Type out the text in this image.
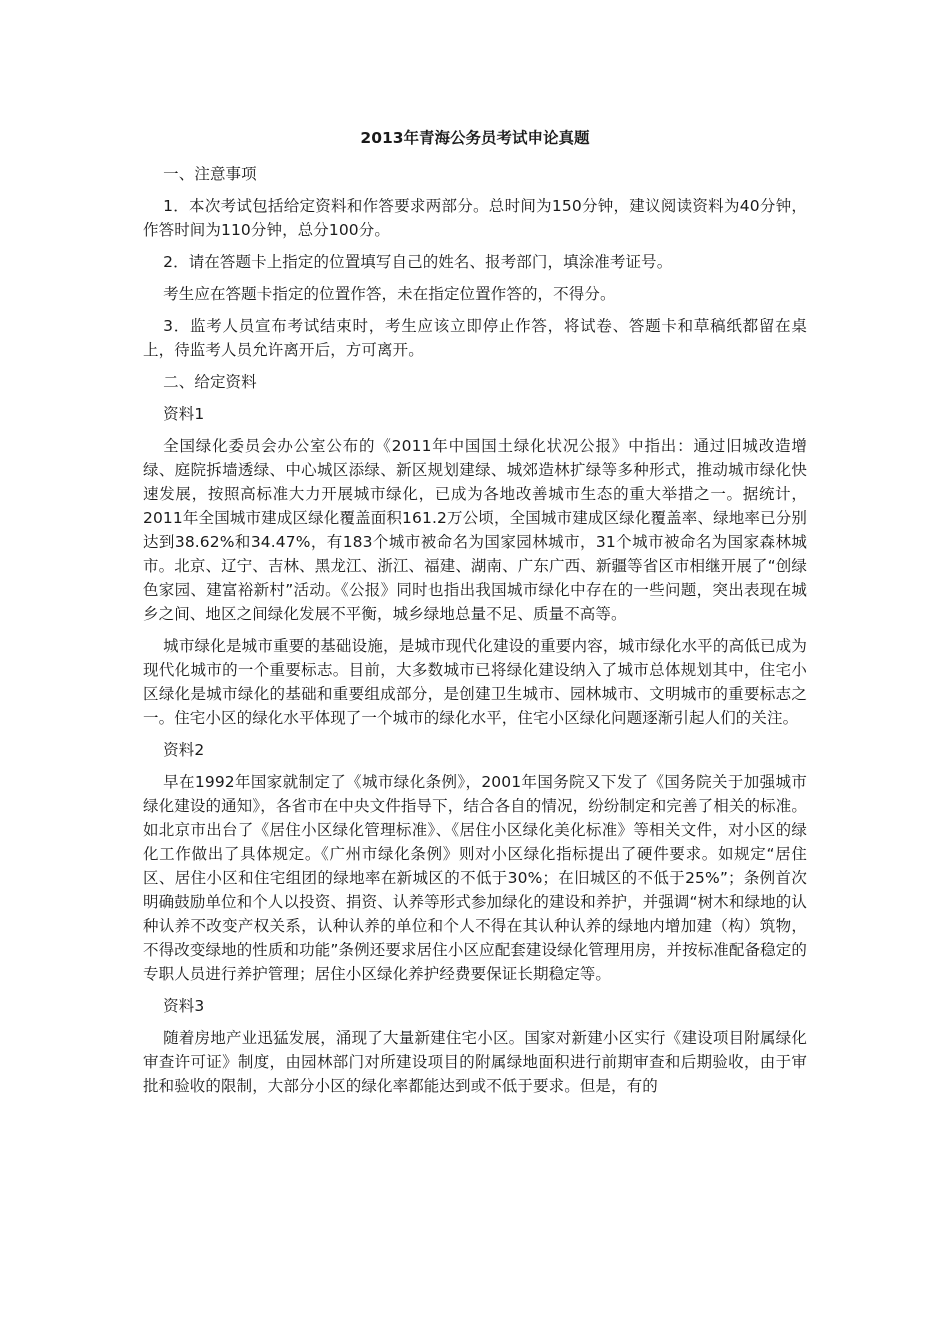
2013年青海公务员考试申论真题

一、注意事项

1．本次考试包括给定资料和作答要求两部分。总时间为150分钟，建议阅读资料为40分钟，作答时间为110分钟，总分100分。

2．请在答题卡上指定的位置填写自己的姓名、报考部门，填涂准考证号。

考生应在答题卡指定的位置作答，未在指定位置作答的，不得分。

3．监考人员宣布考试结束时，考生应该立即停止作答，将试卷、答题卡和草稿纸都留在桌上，待监考人员允许离开后，方可离开。

二、给定资料

资料1

全国绿化委员会办公室公布的《2011年中国国土绿化状况公报》中指出：通过旧城改造增绿、庭院拆墙透绿、中心城区添绿、新区规划建绿、城郊造林扩绿等多种形式，推动城市绿化快速发展，按照高标准大力开展城市绿化，已成为各地改善城市生态的重大举措之一。据统计，2011年全国城市建成区绿化覆盖面积161.2万公顷，全国城市建成区绿化覆盖率、绿地率已分别达到38.62%和34.47%，有183个城市被命名为国家园林城市，31个城市被命名为国家森林城市。北京、辽宁、吉林、黑龙江、浙江、福建、湖南、广东广西、新疆等省区市相继开展了“创绿色家园、建富裕新村”活动。《公报》同时也指出我国城市绿化中存在的一些问题，突出表现在城乡之间、地区之间绿化发展不平衡，城乡绿地总量不足、质量不高等。

城市绿化是城市重要的基础设施，是城市现代化建设的重要内容，城市绿化水平的高低已成为现代化城市的一个重要标志。目前，大多数城市已将绿化建设纳入了城市总体规划其中，住宅小区绿化是城市绿化的基础和重要组成部分，是创建卫生城市、园林城市、文明城市的重要标志之一。住宅小区的绿化水平体现了一个城市的绿化水平，住宅小区绿化问题逐渐引起人们的关注。

资料2

早在1992年国家就制定了《城市绿化条例》，2001年国务院又下发了《国务院关于加强城市绿化建设的通知》，各省市在中央文件指导下，结合各自的情况，纷纷制定和完善了相关的标准。如北京市出台了《居住小区绿化管理标准》、《居住小区绿化美化标准》等相关文件，对小区的绿化工作做出了具体规定。《广州市绿化条例》则对小区绿化指标提出了硬件要求。如规定“居住区、居住小区和住宅组团的绿地率在新城区的不低于30%；在旧城区的不低于25%”；条例首次明确鼓励单位和个人以投资、捐资、认养等形式参加绿化的建设和养护，并强调“树木和绿地的认种认养不改变产权关系，认种认养的单位和个人不得在其认种认养的绿地内增加建（构）筑物，不得改变绿地的性质和功能”条例还要求居住小区应配套建设绿化管理用房，并按标准配备稳定的专职人员进行养护管理；居住小区绿化养护经费要保证长期稳定等。

资料3

随着房地产业迅猛发展，涌现了大量新建住宅小区。国家对新建小区实行《建设项目附属绿化审查许可证》制度，由园林部门对所建设项目的附属绿地面积进行前期审查和后期验收，由于审批和验收的限制，大部分小区的绿化率都能达到或不低于要求。但是，有的
